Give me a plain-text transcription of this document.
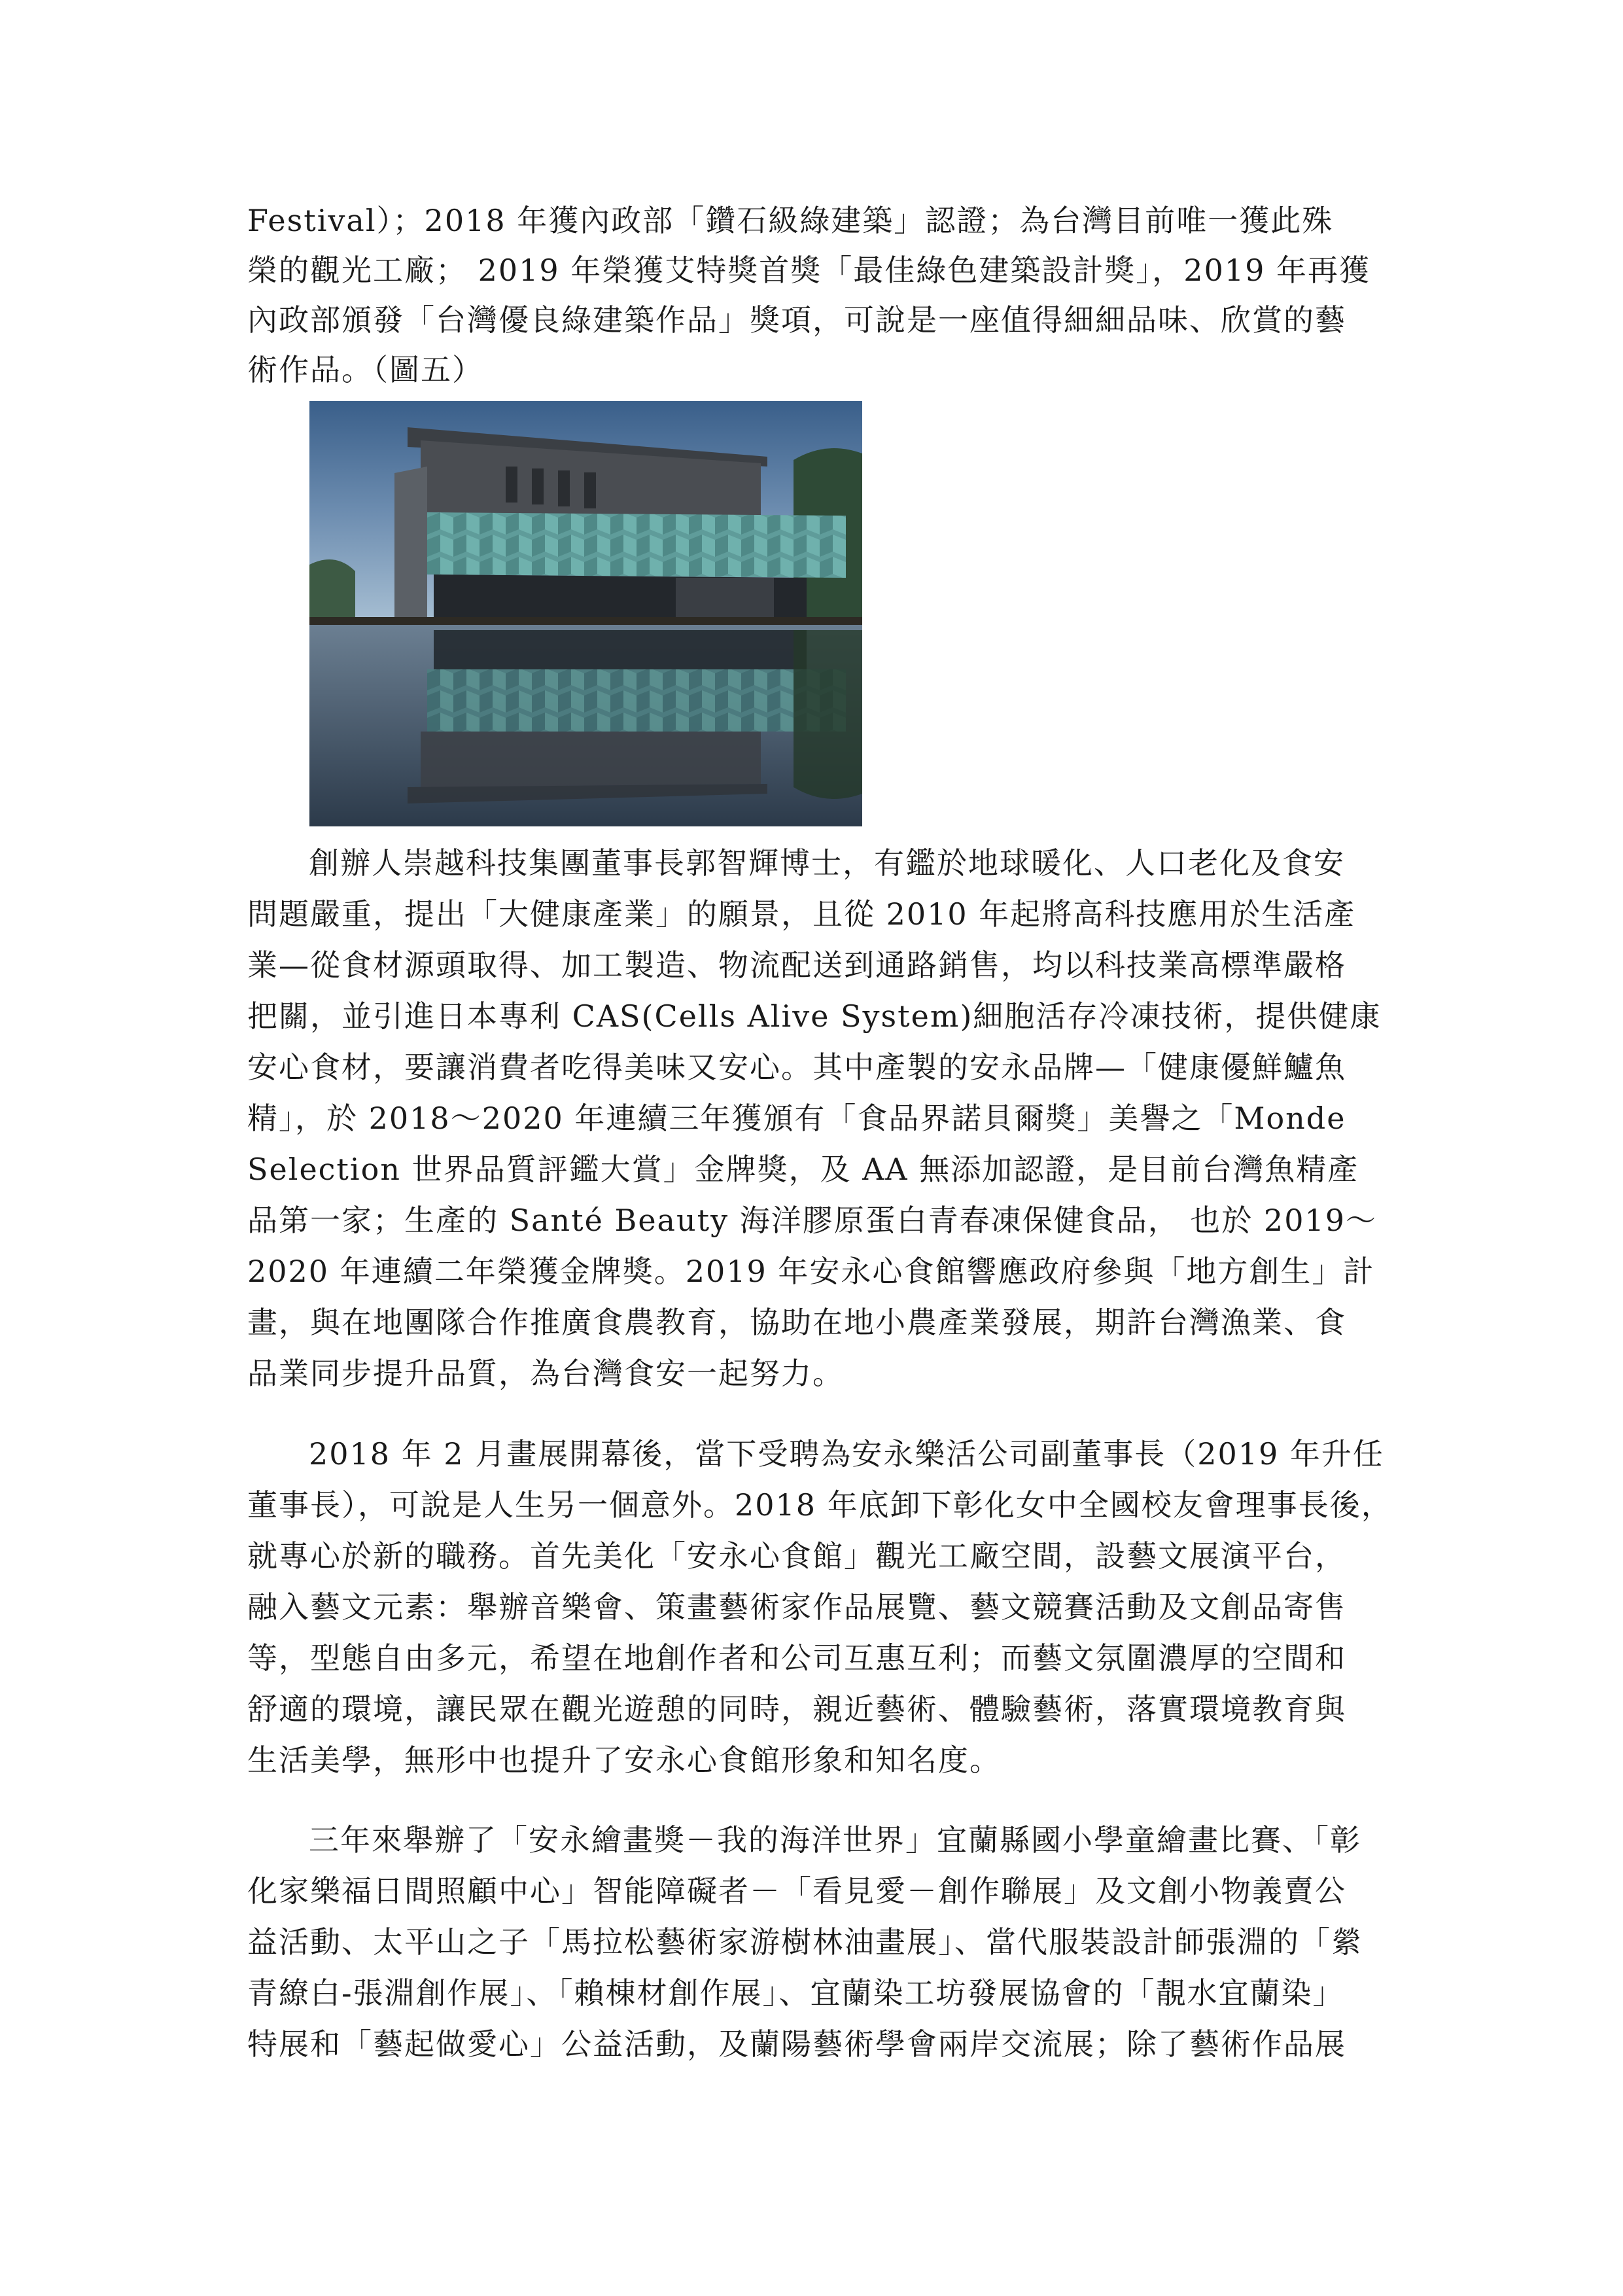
Festival）；2018 年獲內政部「鑽石級綠建築」認證；為台灣目前唯一獲此殊
榮的觀光工廠； 2019 年榮獲艾特獎首獎「最佳綠色建築設計獎」，2019 年再獲
內政部頒發「台灣優良綠建築作品」獎項，可說是一座值得細細品味、欣賞的藝
術作品。（圖五）
創辦人崇越科技集團董事長郭智輝博士，有鑑於地球暖化、人口老化及食安
問題嚴重，提出「大健康產業」的願景，且從 2010 年起將高科技應用於生活產
業—從食材源頭取得、加工製造、物流配送到通路銷售，均以科技業高標準嚴格
把關，並引進日本專利 CAS(Cells Alive System)細胞活存冷凍技術，提供健康
安心食材，要讓消費者吃得美味又安心。其中產製的安永品牌—「健康優鮮鱸魚
精」，於 2018～2020 年連續三年獲頒有「食品界諾貝爾獎」美譽之「Monde
Selection 世界品質評鑑大賞」金牌獎，及 AA 無添加認證，是目前台灣魚精產
品第一家；生產的 Santé Beauty 海洋膠原蛋白青春凍保健食品， 也於 2019～
2020 年連續二年榮獲金牌獎。2019 年安永心食館響應政府參與「地方創生」計
畫，與在地團隊合作推廣食農教育，協助在地小農產業發展，期許台灣漁業、食
品業同步提升品質，為台灣食安一起努力。
2018 年 2 月畫展開幕後，當下受聘為安永樂活公司副董事長（2019 年升任
董事長），可說是人生另一個意外。2018 年底卸下彰化女中全國校友會理事長後，
就專心於新的職務。首先美化「安永心食館」觀光工廠空間，設藝文展演平台，
融入藝文元素：舉辦音樂會、策畫藝術家作品展覽、藝文競賽活動及文創品寄售
等，型態自由多元，希望在地創作者和公司互惠互利；而藝文氛圍濃厚的空間和
舒適的環境，讓民眾在觀光遊憩的同時，親近藝術、體驗藝術，落實環境教育與
生活美學，無形中也提升了安永心食館形象和知名度。
三年來舉辦了「安永繪畫獎－我的海洋世界」宜蘭縣國小學童繪畫比賽、「彰
化家樂福日間照顧中心」智能障礙者－「看見愛－創作聯展」及文創小物義賣公
益活動、太平山之子「馬拉松藝術家游樹林油畫展」、當代服裝設計師張淵的「縈
青繚白-張淵創作展」、「賴棟材創作展」、宜蘭染工坊發展協會的「靚水宜蘭染」
特展和「藝起做愛心」公益活動，及蘭陽藝術學會兩岸交流展；除了藝術作品展
